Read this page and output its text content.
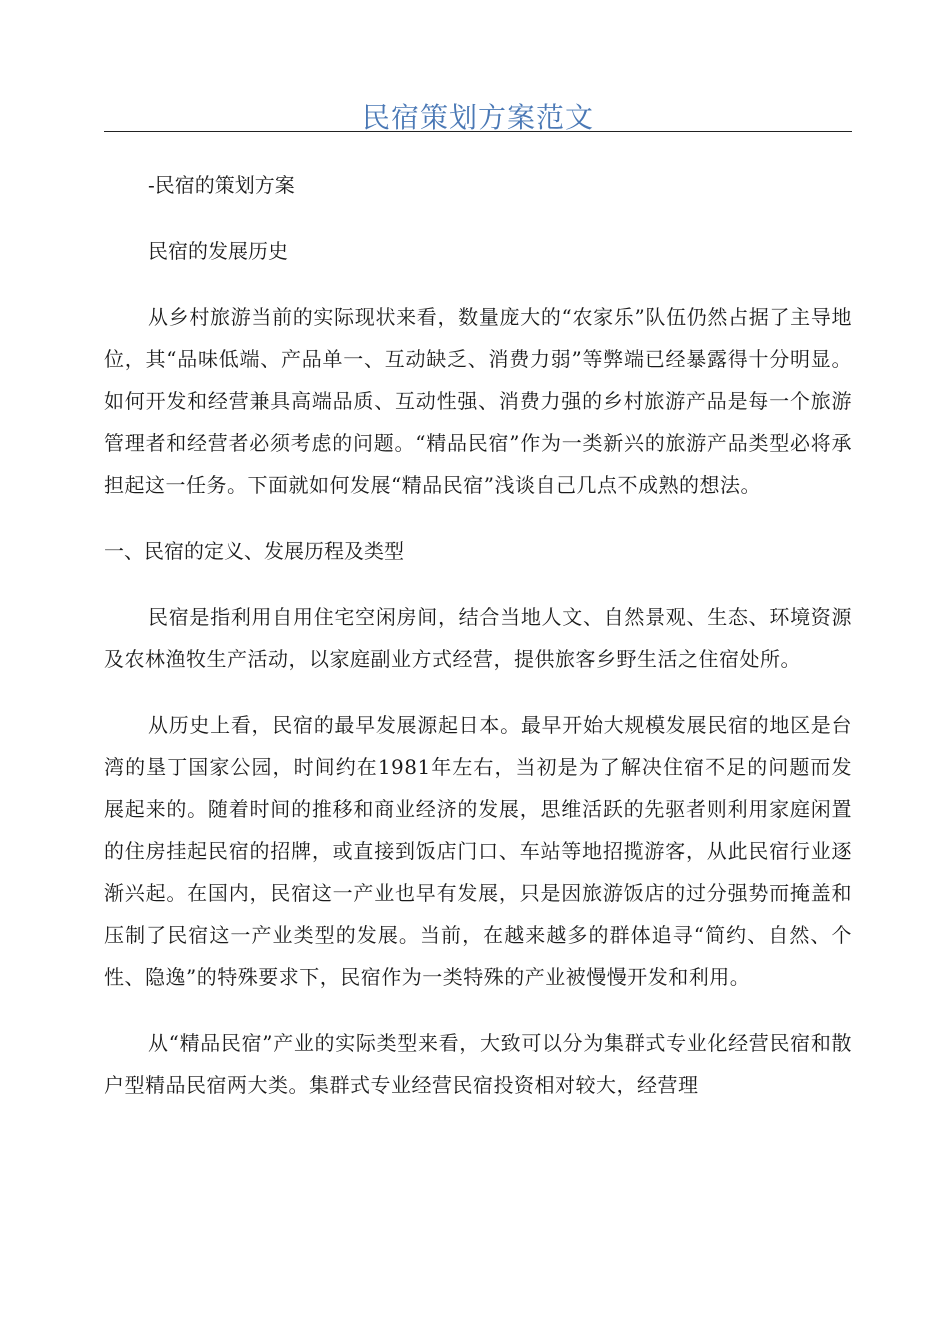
民宿策划方案范文

-民宿的策划方案

民宿的发展历史

从乡村旅游当前的实际现状来看，数量庞大的“农家乐”队伍仍然占据了主导地位，其“品味低端、产品单一、互动缺乏、消费力弱”等弊端已经暴露得十分明显。如何开发和经营兼具高端品质、互动性强、消费力强的乡村旅游产品是每一个旅游管理者和经营者必须考虑的问题。“精品民宿”作为一类新兴的旅游产品类型必将承担起这一任务。下面就如何发展“精品民宿”浅谈自己几点不成熟的想法。

一、民宿的定义、发展历程及类型

民宿是指利用自用住宅空闲房间，结合当地人文、自然景观、生态、环境资源及农林渔牧生产活动，以家庭副业方式经营，提供旅客乡野生活之住宿处所。

从历史上看，民宿的最早发展源起日本。最早开始大规模发展民宿的地区是台湾的垦丁国家公园，时间约在1981年左右，当初是为了解决住宿不足的问题而发展起来的。随着时间的推移和商业经济的发展，思维活跃的先驱者则利用家庭闲置的住房挂起民宿的招牌，或直接到饭店门口、车站等地招揽游客，从此民宿行业逐渐兴起。在国内，民宿这一产业也早有发展，只是因旅游饭店的过分强势而掩盖和压制了民宿这一产业类型的发展。当前，在越来越多的群体追寻“简约、自然、个性、隐逸”的特殊要求下，民宿作为一类特殊的产业被慢慢开发和利用。

从“精品民宿”产业的实际类型来看，大致可以分为集群式专业化经营民宿和散户型精品民宿两大类。集群式专业经营民宿投资相对较大，经营理
